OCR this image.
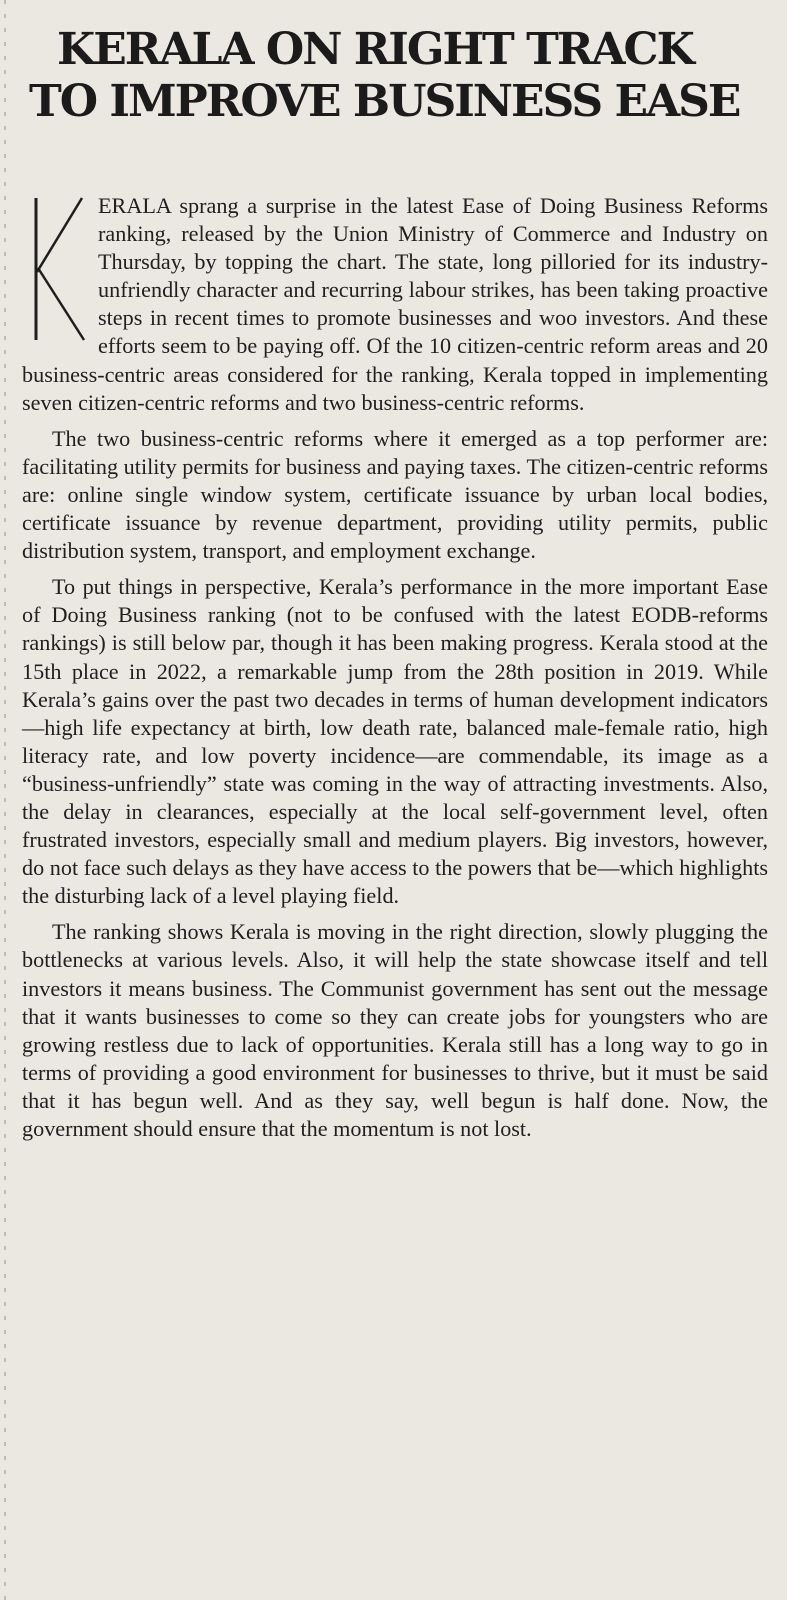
KERALA ON RIGHT TRACK
TO IMPROVE BUSINESS EASE

ERALA sprang a surprise in the latest Ease of Doing Business Reforms ranking, released by the Union Ministry of Commerce and Industry on Thursday, by topping the chart. The state, long pilloried for its industry-unfriendly character and recurring labour strikes, has been taking proactive steps in recent times to promote businesses and woo investors. And these efforts seem to be paying off. Of the 10 citizen-centric reform areas and 20 business-centric areas considered for the ranking, Kerala topped in implementing seven citizen-centric reforms and two business-centric reforms.

The two business-centric reforms where it emerged as a top performer are: facilitating utility permits for business and paying taxes. The citizen-centric reforms are: online single window system, certificate issuance by urban local bodies, certificate issuance by revenue department, providing utility permits, public distribution system, transport, and employment exchange.

To put things in perspective, Kerala’s performance in the more important Ease of Doing Business ranking (not to be confused with the latest EODB-reforms rankings) is still below par, though it has been making progress. Kerala stood at the 15th place in 2022, a remarkable jump from the 28th position in 2019. While Kerala’s gains over the past two decades in terms of human development indicators—high life expectancy at birth, low death rate, balanced male-female ratio, high literacy rate, and low poverty incidence—are commendable, its image as a “business-unfriendly” state was coming in the way of attracting investments. Also, the delay in clearances, especially at the local self-government level, often frustrated investors, especially small and medium players. Big investors, however, do not face such delays as they have access to the powers that be—which highlights the disturbing lack of a level playing field.

The ranking shows Kerala is moving in the right direction, slowly plugging the bottlenecks at various levels. Also, it will help the state showcase itself and tell investors it means business. The Communist government has sent out the message that it wants businesses to come so they can create jobs for youngsters who are growing restless due to lack of opportunities. Kerala still has a long way to go in terms of providing a good environment for businesses to thrive, but it must be said that it has begun well. And as they say, well begun is half done. Now, the government should ensure that the momentum is not lost.
